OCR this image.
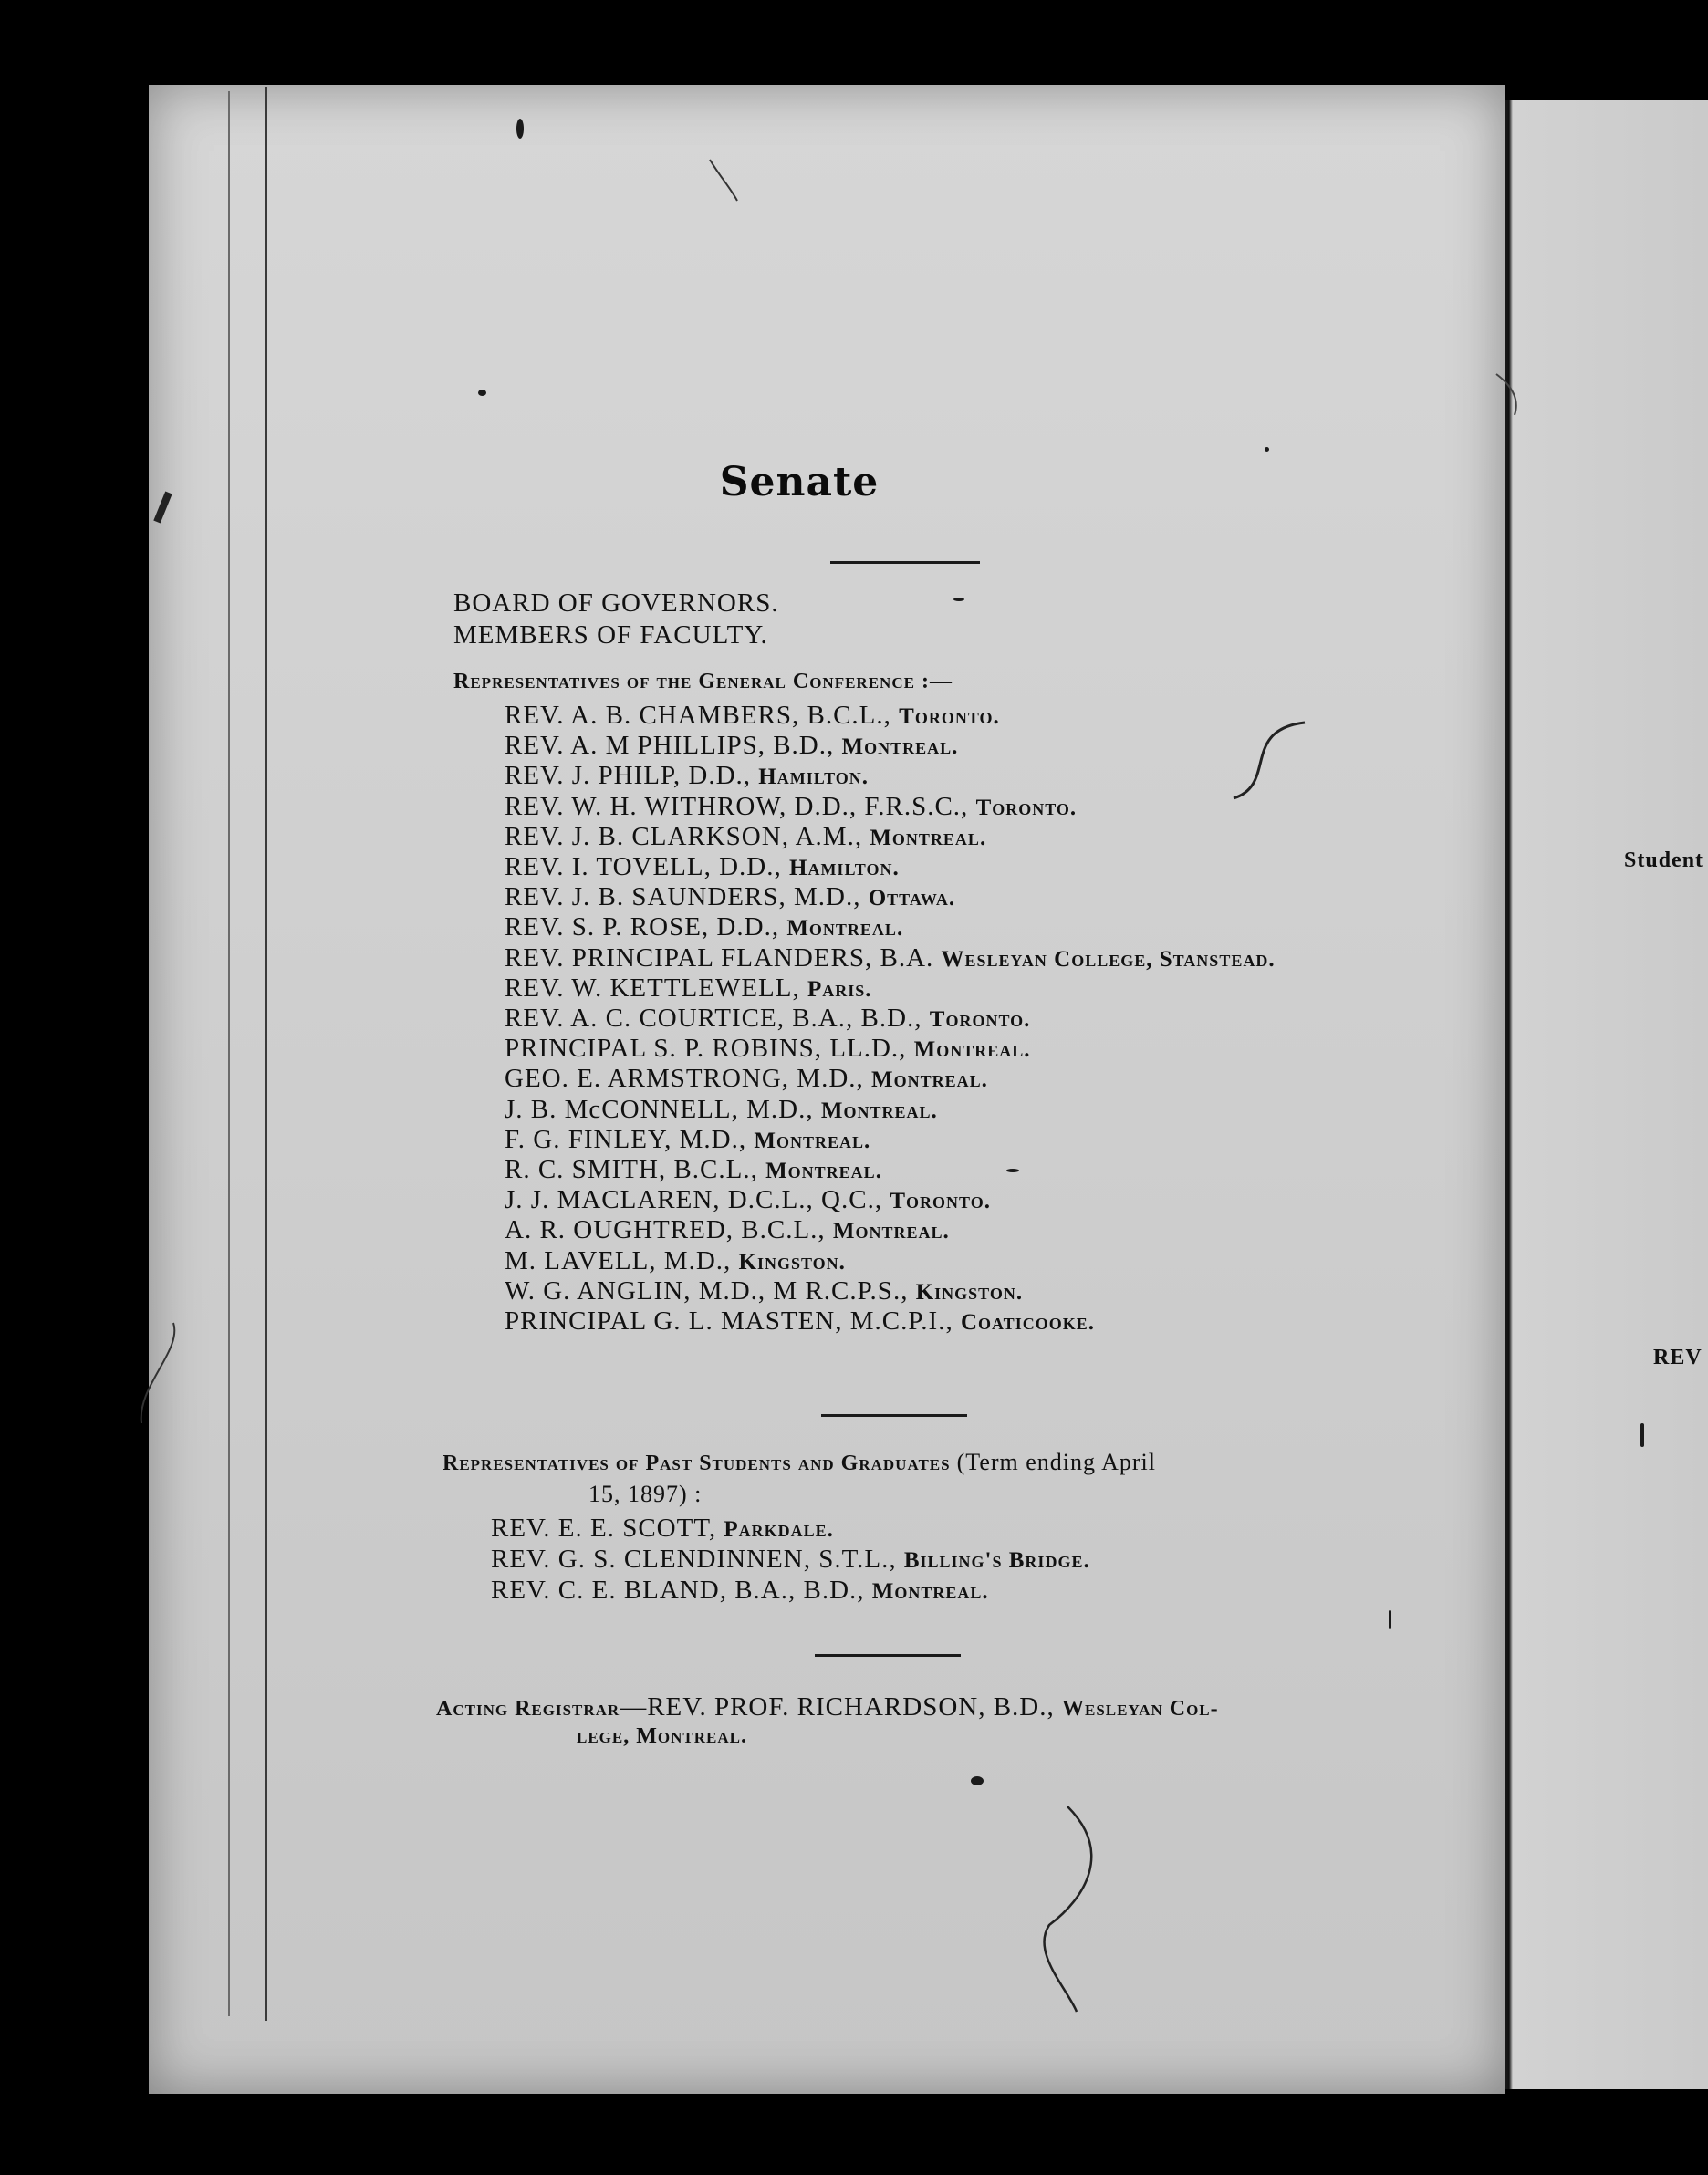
Student
REV
Senate
BOARD OF GOVERNORS.
MEMBERS OF FACULTY.
Representatives of the General Conference :—
REV. A. B. CHAMBERS, B.C.L., Toronto.
REV. A. M PHILLIPS, B.D., Montreal.
REV. J. PHILP, D.D., Hamilton.
REV. W. H. WITHROW, D.D., F.R.S.C., Toronto.
REV. J. B. CLARKSON, A.M., Montreal.
REV. I. TOVELL, D.D., Hamilton.
REV. J. B. SAUNDERS, M.D., Ottawa.
REV. S. P. ROSE, D.D., Montreal.
REV. PRINCIPAL FLANDERS, B.A. Wesleyan College, Stanstead.
REV. W. KETTLEWELL, Paris.
REV. A. C. COURTICE, B.A., B.D., Toronto.
PRINCIPAL S. P. ROBINS, LL.D., Montreal.
GEO. E. ARMSTRONG, M.D., Montreal.
J. B. McCONNELL, M.D., Montreal.
F. G. FINLEY, M.D., Montreal.
R. C. SMITH, B.C.L., Montreal.
J. J. MACLAREN, D.C.L., Q.C., Toronto.
A. R. OUGHTRED, B.C.L., Montreal.
M. LAVELL, M.D., Kingston.
W. G. ANGLIN, M.D., M R.C.P.S., Kingston.
PRINCIPAL G. L. MASTEN, M.C.P.I., Coaticooke.
Representatives of Past Students and Graduates (Term ending April
15, 1897) :
REV. E. E. SCOTT, Parkdale.
REV. G. S. CLENDINNEN, S.T.L., Billing's Bridge.
REV. C. E. BLAND, B.A., B.D., Montreal.
Acting Registrar—REV. PROF. RICHARDSON, B.D., Wesleyan Col-
lege, Montreal.
